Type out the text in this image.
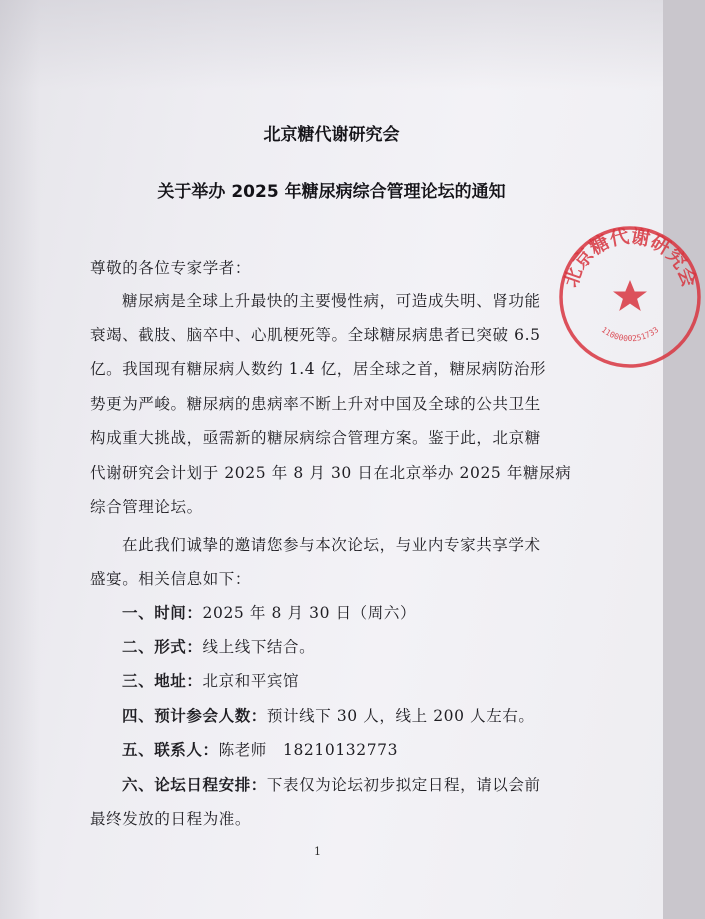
北京糖代谢研究会
关于举办 2025 年糖尿病综合管理论坛的通知
尊敬的各位专家学者：
糖尿病是全球上升最快的主要慢性病，可造成失明、肾功能
衰竭、截肢、脑卒中、心肌梗死等。全球糖尿病患者已突破 6.5
亿。我国现有糖尿病人数约 1.4 亿，居全球之首，糖尿病防治形
势更为严峻。糖尿病的患病率不断上升对中国及全球的公共卫生
构成重大挑战，亟需新的糖尿病综合管理方案。鉴于此，北京糖
代谢研究会计划于 2025 年 8 月 30 日在北京举办 2025 年糖尿病
综合管理论坛。
在此我们诚挚的邀请您参与本次论坛，与业内专家共享学术
盛宴。相关信息如下：
一、时间：2025 年 8 月 30 日（周六）
二、形式：线上线下结合。
三、地址：北京和平宾馆
四、预计参会人数：预计线下 30 人，线上 200 人左右。
五、联系人：陈老师　18210132773
六、论坛日程安排：下表仅为论坛初步拟定日程，请以会前
最终发放的日程为准。
1
北京糖代谢研究会
1100000251733
